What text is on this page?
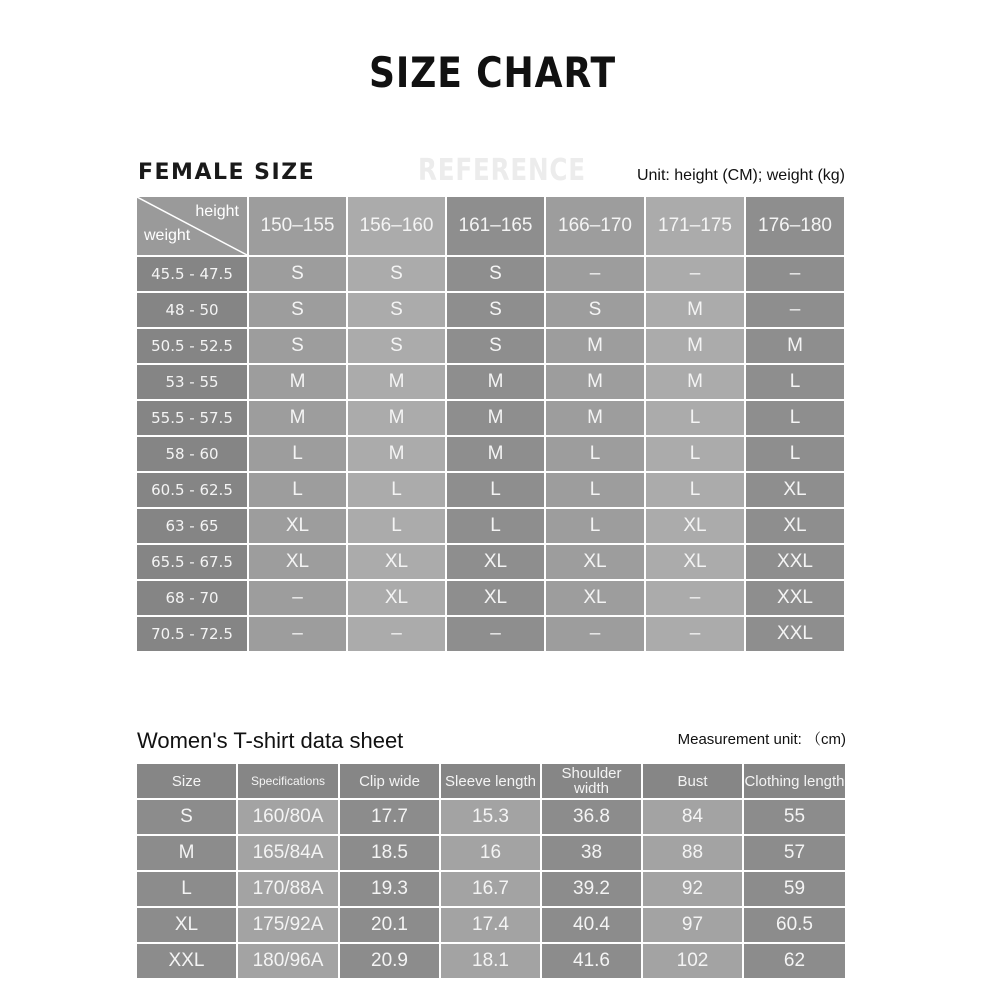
SIZE CHART
FEMALE SIZE	REFERENCE	Unit: height (CM); weight (kg)
height
weight	150–155	156–160	161–165	166–170	171–175	176–180
45.5 - 47.5	S	S	S	–	–	–
48 - 50	S	S	S	S	M	–
50.5 - 52.5	S	S	S	M	M	M
53 - 55	M	M	M	M	M	L
55.5 - 57.5	M	M	M	M	L	L
58 - 60	L	M	M	L	L	L
60.5 - 62.5	L	L	L	L	L	XL
63 - 65	XL	L	L	L	XL	XL
65.5 - 67.5	XL	XL	XL	XL	XL	XXL
68 - 70	–	XL	XL	XL	–	XXL
70.5 - 72.5	–	–	–	–	–	XXL
Women's T-shirt data sheet	Measurement unit: （cm)
Size	Specifications	Clip wide	Sleeve length	Shoulder width	Bust	Clothing length
S	160/80A	17.7	15.3	36.8	84	55
M	165/84A	18.5	16	38	88	57
L	170/88A	19.3	16.7	39.2	92	59
XL	175/92A	20.1	17.4	40.4	97	60.5
XXL	180/96A	20.9	18.1	41.6	102	62
